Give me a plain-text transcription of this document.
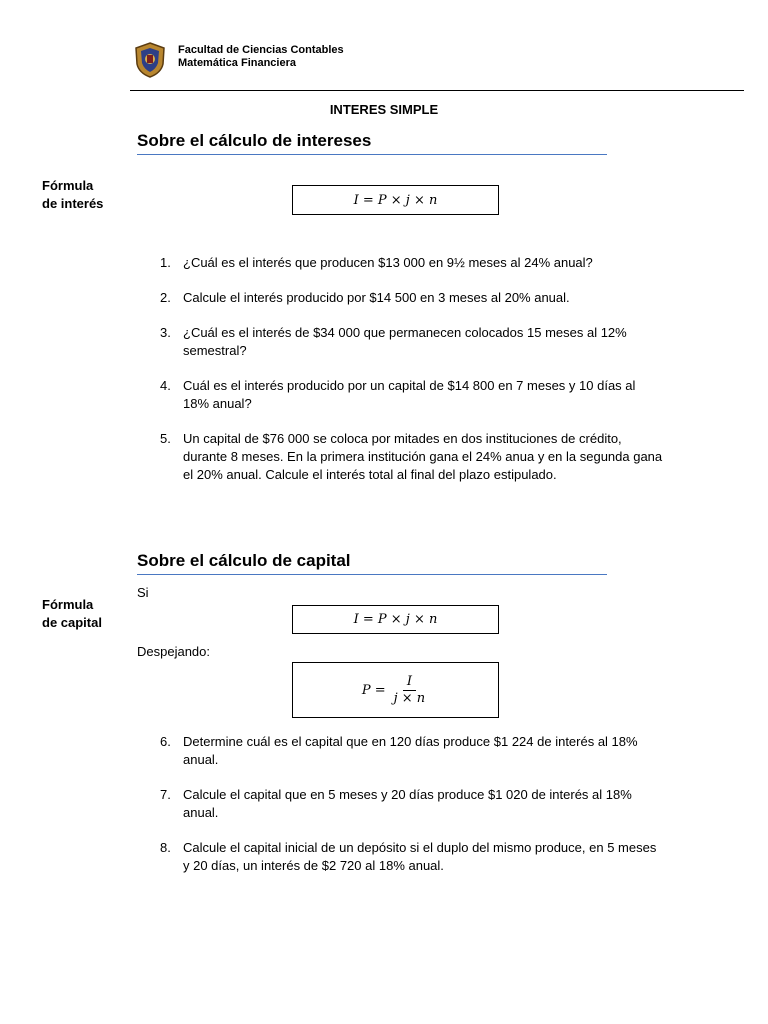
Facultad de Ciencias Contables
Matemática Financiera
INTERES SIMPLE
Sobre el cálculo de intereses
Fórmula
de interés	I = P × j × n
1. ¿Cuál es el interés que producen $13 000 en 9½ meses al 24% anual?
2. Calcule el interés producido por $14 500 en 3 meses al 20% anual.
3. ¿Cuál es el interés de $34 000 que permanecen colocados 15 meses al 12% semestral?
4. Cuál es el interés producido por un capital de $14 800 en 7 meses y 10 días al 18% anual?
5. Un capital de $76 000 se coloca por mitades en dos instituciones de crédito, durante 8 meses. En la primera institución gana el 24% anua y en la segunda gana el 20% anual. Calcule el interés total al final del plazo estipulado.
Sobre el cálculo de capital
Si
Fórmula
de capital	I = P × j × n
Despejando:
$P = \frac{I}{j \times n}$
6. Determine cuál es el capital que en 120 días produce $1 224 de interés al 18% anual.
7. Calcule el capital que en 5 meses y 20 días produce $1 020 de interés al 18% anual.
8. Calcule el capital inicial de un depósito si el duplo del mismo produce, en 5 meses y 20 días, un interés de $2 720 al 18% anual.
